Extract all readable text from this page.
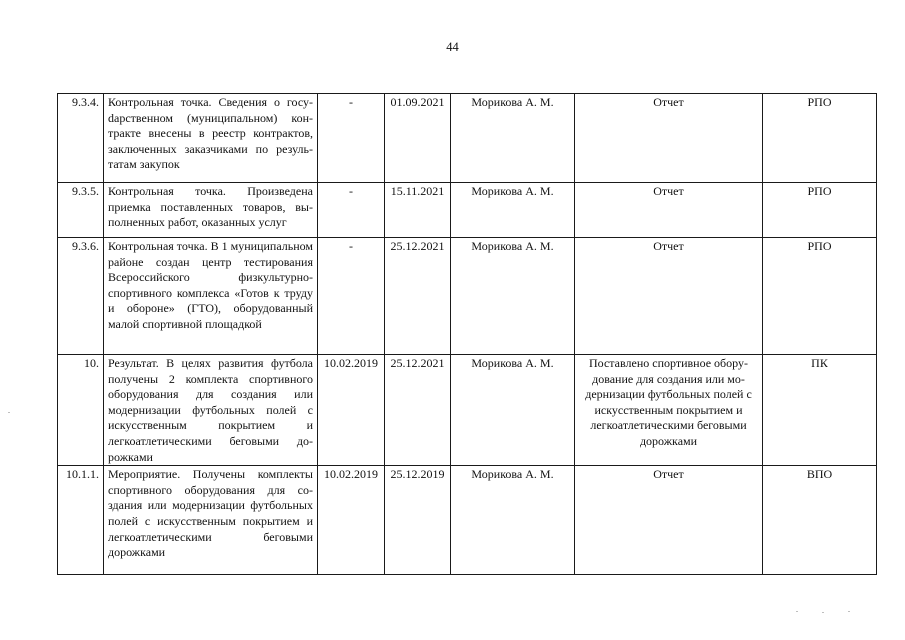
44
9.3.4.	Контрольная точка. Сведения о госуdарственном (муниципальном) контракте внесены в реестр контрактов, заключенных заказчиками по результатам закупок	-	01.09.2021	Морикова А. М.	Отчет	РПО
9.3.5.	Контрольная точка. Произведена приемка поставленных товаров, выполненных работ, оказанных услуг	-	15.11.2021	Морикова А. М.	Отчет	РПО
9.3.6.	Контрольная точка. В 1 муниципальном районе создан центр тестирования Всероссийского физкультурно-спортивного комплекса «Готов к труду и обороне» (ГТО), оборудованный малой спортивной площадкой	-	25.12.2021	Морикова А. М.	Отчет	РПО
10.	Результат. В целях развития футбола получены 2 комплекта спортивного оборудования для создания или модернизации футбольных полей с искусственным покрытием и легкоатлетическими беговыми дорожками	10.02.2019	25.12.2021	Морикова А. М.	Поставлено спортивное оборудование для создания или модернизации футбольных полей с искусственным покрытием и легкоатлетическими беговыми дорожками	ПК
10.1.1.	Мероприятие. Получены комплекты спортивного оборудования для создания или модернизации футбольных полей с искусственным покрытием и легкоатлетическими беговыми дорожками	10.02.2019	25.12.2019	Морикова А. М.	Отчет	ВПО
